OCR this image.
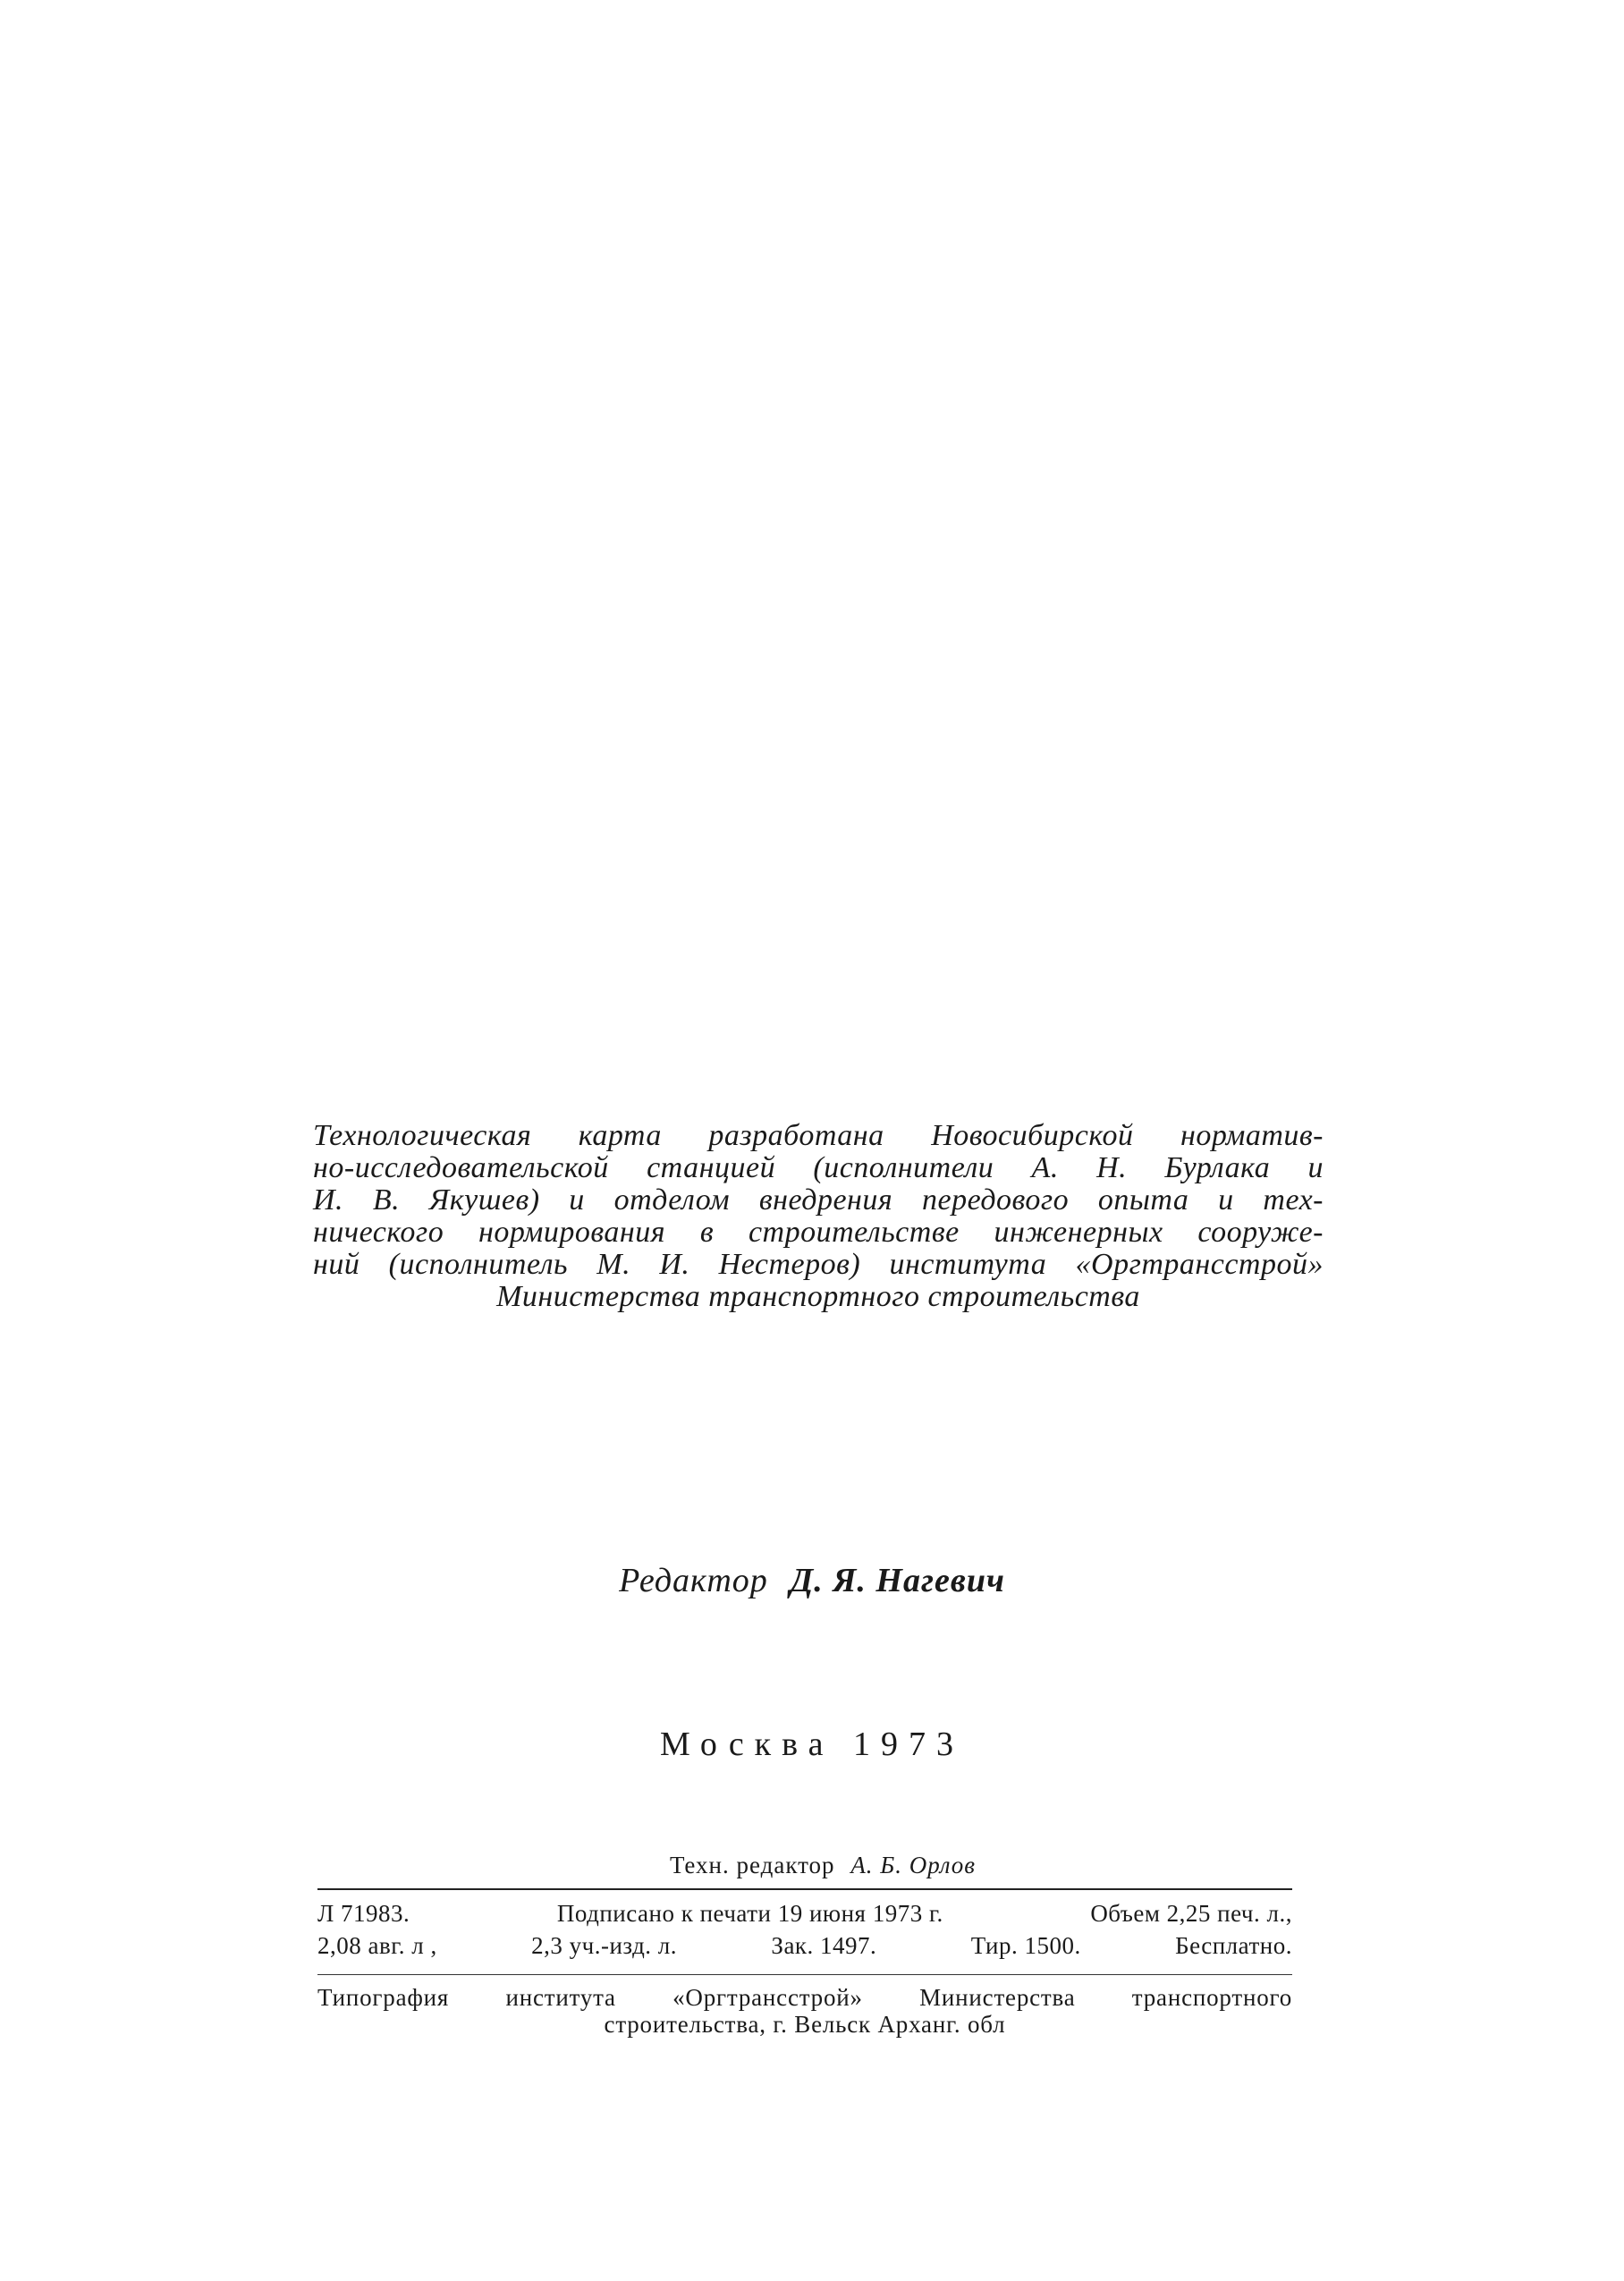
Технологическая карта разработана Новосибирской норматив-
но-исследовательской станцией (исполнители А. Н. Бурлака и
И. В. Якушев) и отделом внедрения передового опыта и тех-
нического нормирования в строительстве инженерных сооруже-
ний (исполнитель М. И. Нестеров) института «Оргтрансстрой»
Министерства транспортного строительства
Редактор Д. Я. Нагевич
Москва 1973
Техн. редактор А. Б. Орлов
Л 71983.	Подписано к печати 19 июня 1973 г.	Объем 2,25 печ. л.,
2,08 авг. л ,	2,3 уч.-изд. л.	Зак. 1497.	Тир. 1500.	Бесплатно.
Типография института «Оргтрансстрой» Министерства транспортного
строительства, г. Вельск Арханг. обл
